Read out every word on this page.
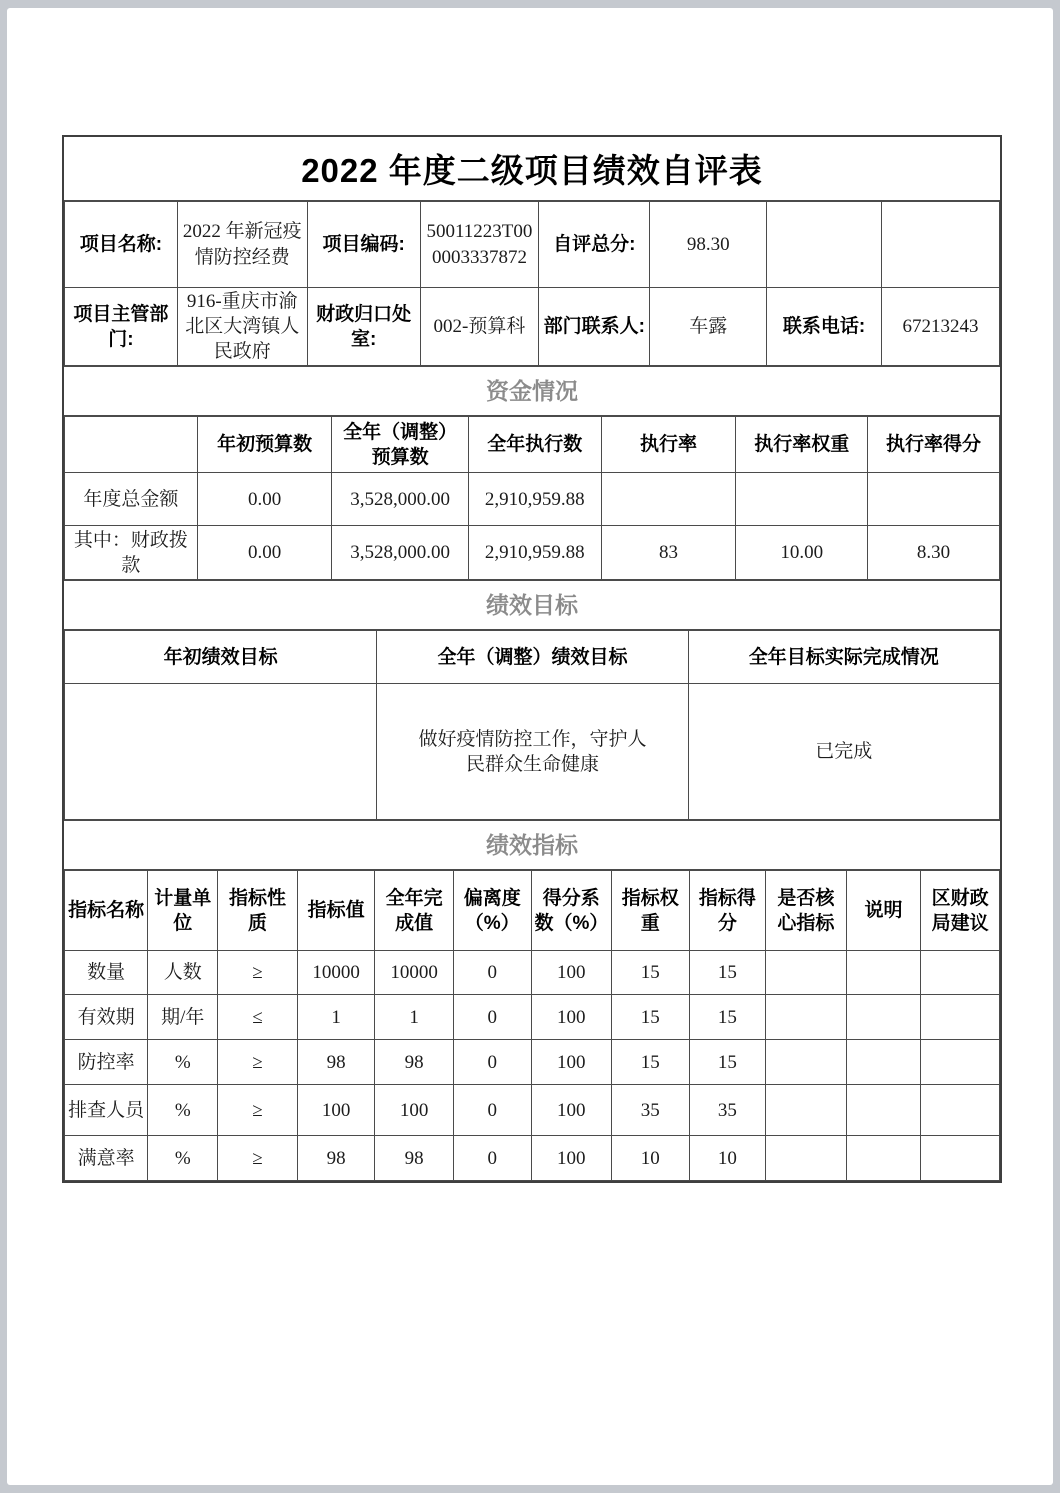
2022 年度二级项目绩效自评表
项目名称:	2022 年新冠疫情防控经费	项目编码:	50011223T000003337872	自评总分:	98.30		
项目主管部门:	916-重庆市渝北区大湾镇人民政府	财政归口处室:	002-预算科	部门联系人:	车露	联系电话:	67213243
资金情况
	年初预算数	全年（调整）预算数	全年执行数	执行率	执行率权重	执行率得分
年度总金额	0.00	3,528,000.00	2,910,959.88			
其中：财政拨款	0.00	3,528,000.00	2,910,959.88	83	10.00	8.30
绩效目标
年初绩效目标	全年（调整）绩效目标	全年目标实际完成情况
	做好疫情防控工作，守护人民群众生命健康	已完成
绩效指标
指标名称	计量单位	指标性质	指标值	全年完成值	偏离度（%）	得分系数（%）	指标权重	指标得分	是否核心指标	说明	区财政局建议
数量	人数	≥	10000	10000	0	100	15	15			
有效期	期/年	≤	1	1	0	100	15	15			
防控率	%	≥	98	98	0	100	15	15			
排查人员	%	≥	100	100	0	100	35	35			
满意率	%	≥	98	98	0	100	10	10			
